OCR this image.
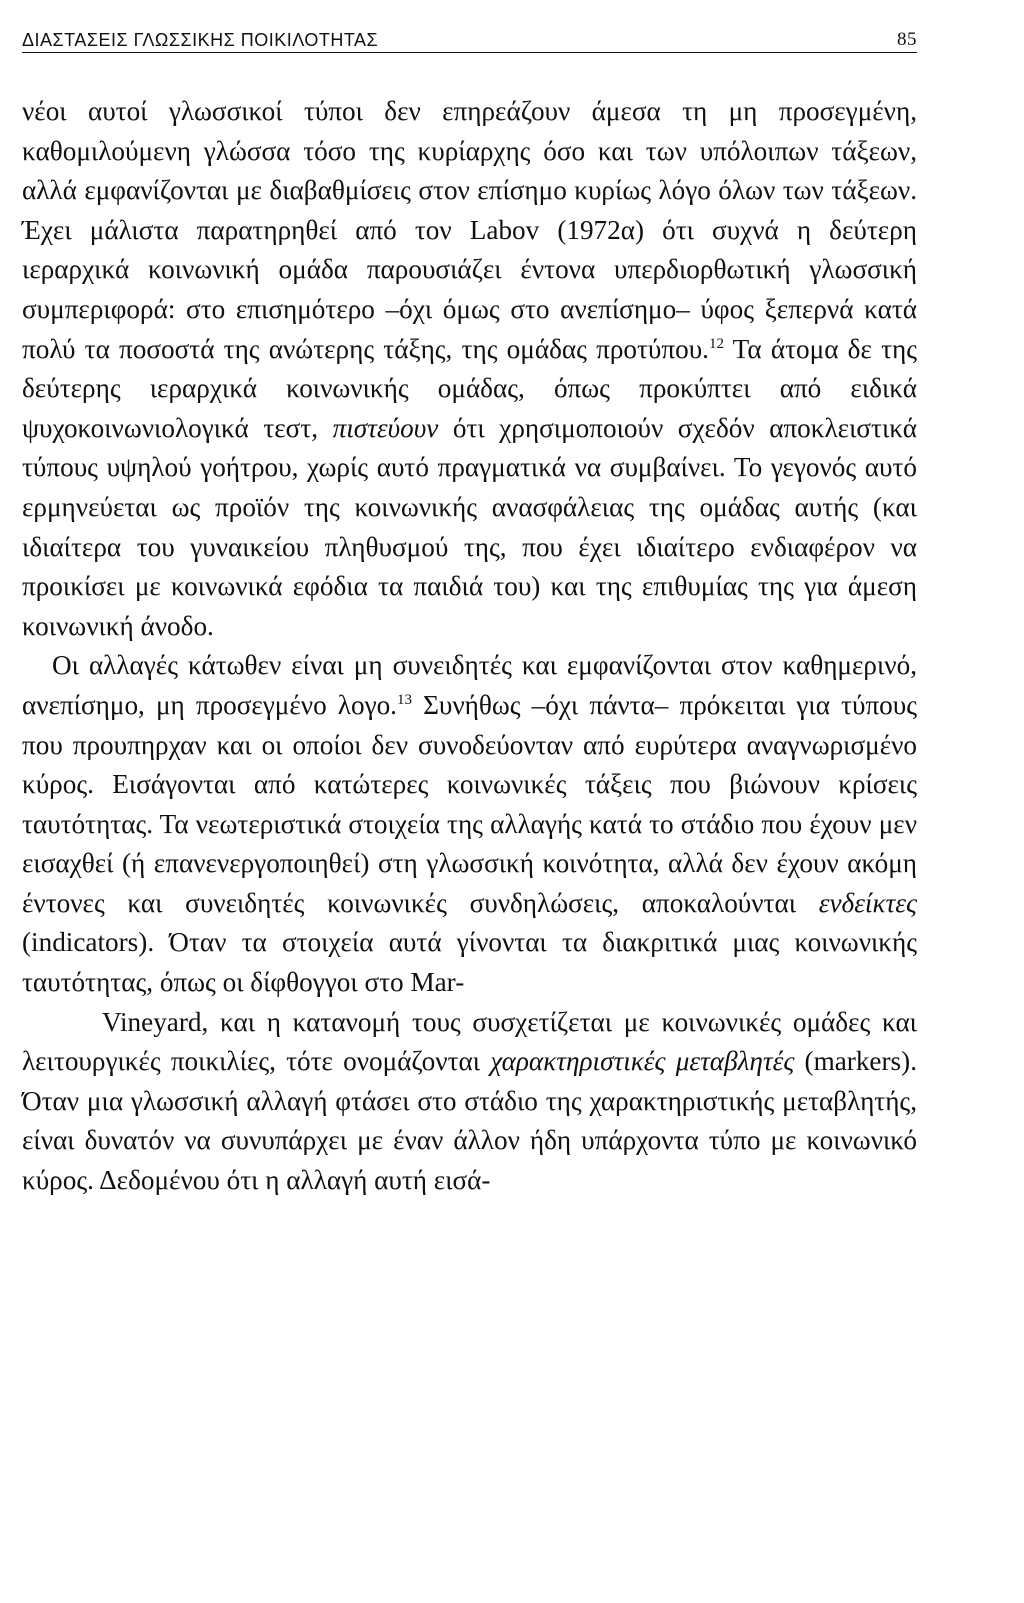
ΔΙΑΣΤΑΣΕΙΣ ΓΛΩΣΣΙΚΗΣ ΠΟΙΚΙΛΟΤΗΤΑΣ	85

νέοι αυτοί γλωσσικοί τύποι δεν επηρεάζουν άμεσα τη μη προσεγμένη, καθομιλούμενη γλώσσα τόσο της κυρίαρχης όσο και των υπόλοιπων τάξεων, αλλά εμφανίζονται με διαβαθμίσεις στον επίσημο κυρίως λόγο όλων των τάξεων. Έχει μάλιστα παρατηρηθεί από τον Labov (1972α) ότι συχνά η δεύτερη ιεραρχικά κοινωνική ομάδα παρουσιάζει έντονα υπερδιορθωτική γλωσσική συμπεριφορά: στο επισημότερο –όχι όμως στο ανεπίσημο– ύφος ξεπερνά κατά πολύ τα ποσοστά της ανώτερης τάξης, της ομάδας προτύπου.$^{12}$ Τα άτομα δε της δεύτερης ιεραρχικά κοινωνικής ομάδας, όπως προκύπτει από ειδικά ψυχοκοινωνιολογικά τεστ, πιστεύουν ότι χρησιμοποιούν σχεδόν αποκλειστικά τύπους υψηλού γοήτρου, χωρίς αυτό πραγματικά να συμβαίνει. Το γεγονός αυτό ερμηνεύεται ως προϊόν της κοινωνικής ανασφάλειας της ομάδας αυτής (και ιδιαίτερα του γυναικείου πληθυσμού της, που έχει ιδιαίτερο ενδιαφέρον να προικίσει με κοινωνικά εφόδια τα παιδιά του) και της επιθυμίας της για άμεση κοινωνική άνοδο.

Οι αλλαγές κάτωθεν είναι μη συνειδητές και εμφανίζονται στον καθημερινό, ανεπίσημο, μη προσεγμένο λογο.$^{13}$ Συνήθως –όχι πάντα– πρόκειται για τύπους που προυπηρχαν και οι οποίοι δεν συνοδεύονταν από ευρύτερα αναγνωρισμένο κύρος. Εισάγονται από κατώτερες κοινωνικές τάξεις που βιώνουν κρίσεις ταυτότητας. Τα νεωτεριστικά στοιχεία της αλλαγής κατά το στάδιο που έχουν μεν εισαχθεί (ή επανενεργοποιηθεί) στη γλωσσική κοινότητα, αλλά δεν έχουν ακόμη έντονες και συνειδητές κοινωνικές συνδηλώσεις, αποκαλούνται ενδείκτες (indicators). Όταν τα στοιχεία αυτά γίνονται τα διακριτικά μιας κοινωνικής ταυτότητας, όπως οι δίφθογγοι στο Mar-

Vineyard, και η κατανομή τους συσχετίζεται με κοινωνικές ομάδες και λειτουργικές ποικιλίες, τότε ονομάζονται χαρακτηριστικές μεταβλητές (markers). Όταν μια γλωσσική αλλαγή φτάσει στο στάδιο της χαρακτηριστικής μεταβλητής, είναι δυνατόν να συνυπάρχει με έναν άλλον ήδη υπάρχοντα τύπο με κοινωνικό κύρος. Δεδομένου ότι η αλλαγή αυτή εισά-
